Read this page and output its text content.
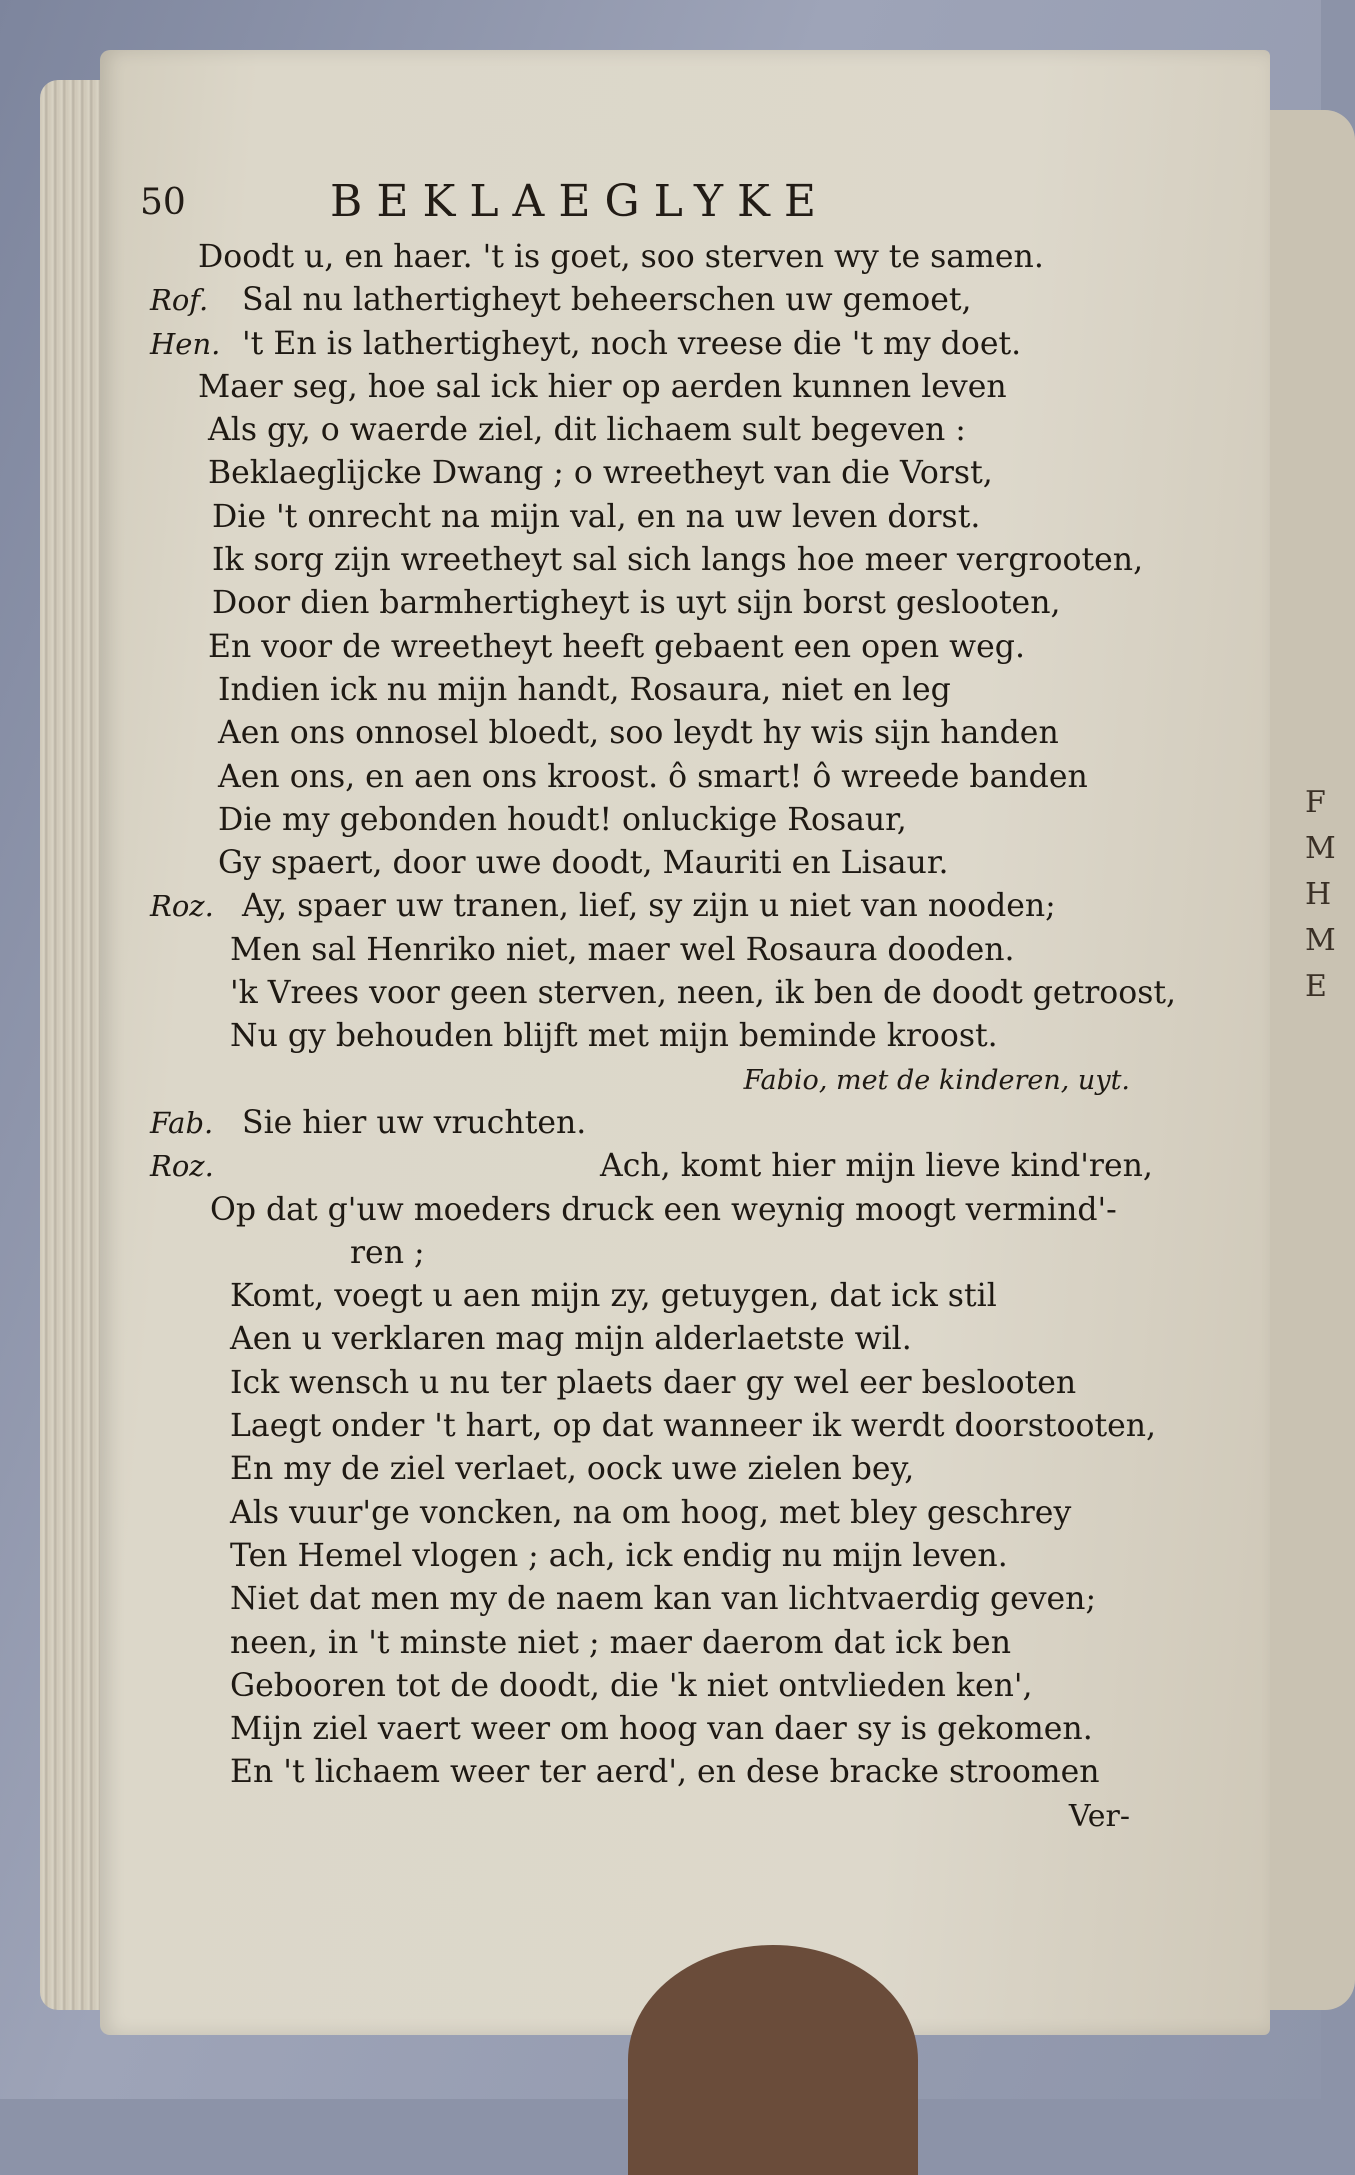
F
M
H
M
E
50	BEKLAEGLYKE
Doodt u, en haer. 't is goet, soo sterven wy te samen.
Rof. Sal nu lathertigheyt beheerschen uw gemoet,
Hen. 't En is lathertigheyt, noch vreese die 't my doet.
Maer seg, hoe sal ick hier op aerden kunnen leven
Als gy, o waerde ziel, dit lichaem sult begeven :
Beklaeglijcke Dwang ; o wreetheyt van die Vorst,
Die 't onrecht na mijn val, en na uw leven dorst.
Ik sorg zijn wreetheyt sal sich langs hoe meer vergrooten,
Door dien barmhertigheyt is uyt sijn borst geslooten,
En voor de wreetheyt heeft gebaent een open weg.
Indien ick nu mijn handt, Rosaura, niet en leg
Aen ons onnosel bloedt, soo leydt hy wis sijn handen
Aen ons, en aen ons kroost. ô smart! ô wreede banden
Die my gebonden houdt! onluckige Rosaur,
Gy spaert, door uwe doodt, Mauriti en Lisaur.
Roz. Ay, spaer uw tranen, lief, sy zijn u niet van nooden;
Men sal Henriko niet, maer wel Rosaura dooden.
'k Vrees voor geen sterven, neen, ik ben de doodt getroost,
Nu gy behouden blijft met mijn beminde kroost.
Fabio, met de kinderen, uyt.
Fab. Sie hier uw vruchten.
Roz.	Ach, komt hier mijn lieve kind'ren,
Op dat g'uw moeders druck een weynig moogt vermind'-
ren ;
Komt, voegt u aen mijn zy, getuygen, dat ick stil
Aen u verklaren mag mijn alderlaetste wil.
Ick wensch u nu ter plaets daer gy wel eer beslooten
Laegt onder 't hart, op dat wanneer ik werdt doorstooten,
En my de ziel verlaet, oock uwe zielen bey,
Als vuur'ge voncken, na om hoog, met bley geschrey
Ten Hemel vlogen ; ach, ick endig nu mijn leven.
Niet dat men my de naem kan van lichtvaerdig geven;
neen, in 't minste niet ; maer daerom dat ick ben
Gebooren tot de doodt, die 'k niet ontvlieden ken',
Mijn ziel vaert weer om hoog van daer sy is gekomen.
En 't lichaem weer ter aerd', en dese bracke stroomen
Ver-
